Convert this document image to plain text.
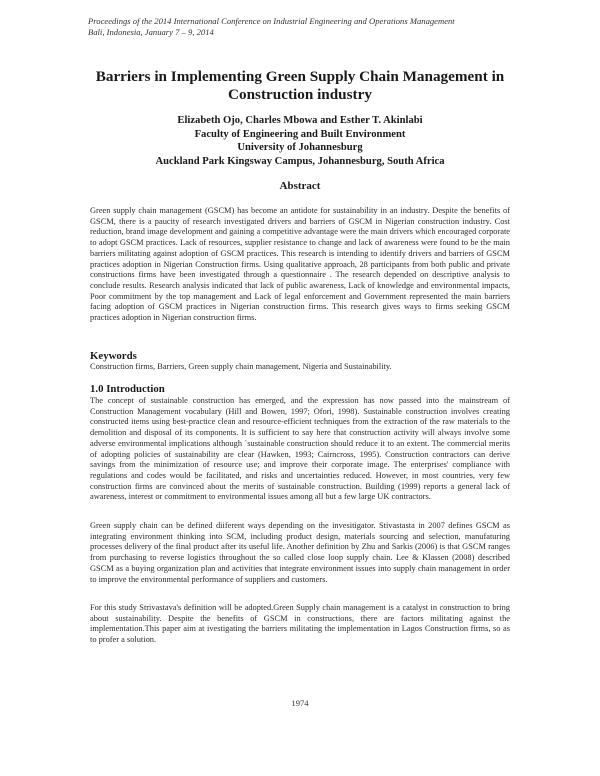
Proceedings of the 2014 International Conference on Industrial Engineering and Operations Management
Bali, Indonesia, January 7 – 9, 2014
Barriers in Implementing Green Supply Chain Management in Construction industry
Elizabeth Ojo, Charles Mbowa and Esther T. Akinlabi
Faculty of Engineering and Built Environment
University of Johannesburg
Auckland Park Kingsway Campus, Johannesburg, South Africa
Abstract
Green supply chain management (GSCM) has become an antidote for sustainability in an industry. Despite the benefits of GSCM, there is a paucity of research investigated drivers and barriers of GSCM in Nigerian construction industry. Cost reduction, brand image development and gaining a competitive advantage were the main drivers which encouraged corporate to adopt GSCM practices. Lack of resources, supplier resistance to change and lack of awareness were found to be the main barriers militating against adoption of GSCM practices. This research is intending to identify drivers and barriers of GSCM practices adoption in Nigerian Construction firms. Using qualitative approach, 28 participants from both public and private constructions firms have been investigated through a questionnaire . The research depended on descriptive analysis to conclude results. Research analysis indicated that lack of public awareness, Lack of knowledge and environmental impacts, Poor commitment by the top management and Lack of legal enforcement and Government represented the main barriers facing adoption of GSCM practices in Nigerian construction firms. This research gives ways to firms seeking GSCM practices adoption in Nigerian construction firms.
Keywords
Construction firms, Barriers, Green supply chain management, Nigeria and Sustainability.
1.0 Introduction
The concept of sustainable construction has emerged, and the expression has now passed into the mainstream of Construction Management vocabulary (Hill and Bowen, 1997; Ofori, 1998). Sustainable construction involves creating constructed items using best-practice clean and resource-efficient techniques from the extraction of the raw materials to the demolition and disposal of its components. It is sufficient to say here that construction activity will always involve some adverse environmental implications although `sustainable construction should reduce it to an extent. The commercial merits of adopting policies of sustainability are clear (Hawken, 1993; Cairncross, 1995). Construction contractors can derive savings from the minimization of resource use; and improve their corporate image. The enterprises' compliance with regulations and codes would be facilitated, and risks and uncertainties reduced. However, in most countries, very few construction firms are convinced about the merits of sustainable construction. Building (1999) reports a general lack of awareness, interest or commitment to environmental issues among all but a few large UK contractors.
Green supply chain can be defined diiferent ways depending on the invesitigator. Stivastasta in 2007 defines GSCM as integrating environment thinking into SCM, including product design, materials sourcing and selection, manufaturing processes delivery of the final product after its useful life. Another definition by Zhu and Sarkis (2006) is that GSCM ranges from purchasing to reverse logistics throughout the so called close loop supply chain. Lee & Klassen (2008) described GSCM as a buying organization plan and activities that integrate environment issues into supply chain management in order to improve the environmental performance of suppliers and customers.
For this study Strivastava's definition will be adopted.Green Supply chain management is a catalyst in construction to bring about sustainability. Despite the benefits of GSCM in constructions, there are factors militating against the implementation.This paper aim at ivestigating the barriers militating the implementation in Lagos Construction firms, so as to profer a solution.
1974
